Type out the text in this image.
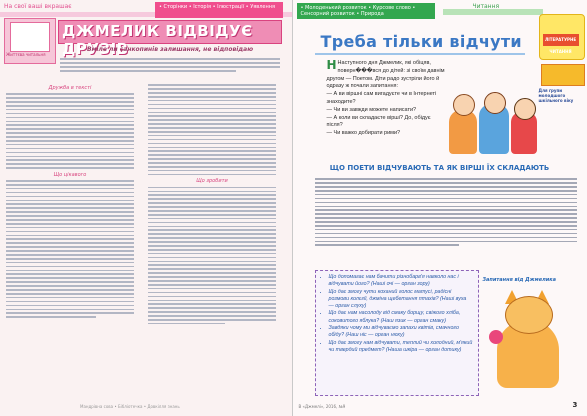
На свої ваші вкрашає	• Сторінки • Історія • Ілюстрації • Уявлення
Життєва читальня
ДЖМЕЛИК ВІДВІДУЄ ДРУЗІВ
Вміле ли санкопинів залишання, не відповідаю
Дружба в тексті
Що цікавого
Що зробити
Мандрівна сова • Бібліотечка • Довкілля знань
• Молоденький розвиток • Курсове слово • Сенсорний розвиток • Природа
Читання
ЛІТЕРАТУРНЕ ЧИТАННЯ
Для групи молодшого шкільного віку
Треба тільки відчути

Н Наступного дня Джмелик, які обіцяв, поверн���вся до дітей: зі своїм давнім другом — Поетом. Діти радо зустріли його й одразу ж почали запитання:

— А ви віршні сам вигадуєте чи в Інтернеті знаходите?

— Чи ви завжди можете написати?

— А коли ви складаєте вірші? До, обідує після?

— Чи важко добирати рими?

ЩО ПОЕТИ ВІДЧУВАЮТЬ ТА ЯК ВІРШІ ЇХ СКЛАДАЮТЬ
• Що допомагає нам бачити різнобарв'я навколо нас і відчувати його? (Наші очі — орган зору)
• Що дає змогу чути коханий голос матусі, радісні розмови колєгії, джміна щебетання птахів? (Наші вуха — орган слуху)
• Що дає нам насолоду від смаку борщу, свіжого хліба, соковитого яблука? (Наш язик — орган смаку)
• Завдяки чому ми відчуваємо запахи квітів, смачного обіду? (Наш ніс — орган нюху)
• Що дає змогу нам відчувати, теплий чи холодний, м'який чи твердий предмет? (Наша шкіра — орган дотику)
Запитання від Джмелика
В «Джмелі», 2016, №9	3
